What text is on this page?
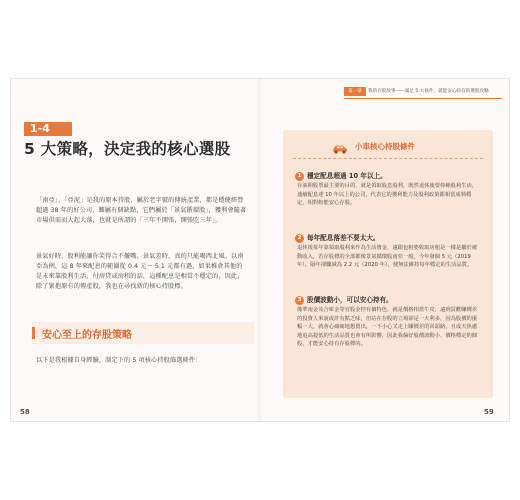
1-4
5 大策略，決定我的核心選股
「南亞」、「亞泥」是我的原本持股，屬於老字號的傳統產業，都是穩健經營超過 38 年的好公司，難屬有個缺點，它們屬於「景氣循環股」，獲利會隨著市場供需而大起大落，也就是所謂的「三年不開張，開張吃三年」。
景氣好時，股利能讓你笑得合不攏嘴，景氣差時，真的只能喝西北風。以南亞為例，這 8 年來配息的範圍從 0.4 元～ 5.1 元都有過，如果椎倉其他的是未來靠股利生活，付房貸或房租的話，這種配息是相當不穩定的，因此，除了緊抱原有的傳產股，我也在尋找新的核心持股標。
安心至上的存股策略
以下是我根據自身經驗，制定下的 5 項核心持股篩選條件：
58
第一章	我的存股故事——滿足 5 大條件，就能安心持有的選股攻略
小車核心持股條件
1 穩定配息超過 10 年以上。
存油期股票最主要的目的，就是領取股息股利，既然退休後要仰賴股利生活，連續配息達 10 年以上的公司，代表它的獲利能力及股利政策都相當成熟穩定，相對較能安心存股。
2 每年配息落差不要太大。
退休後每年靠領取股利來作為生活資金，遠跟包租婆收取房租是一樣是屬於被動收入，若存股標的全部都像景氣循環股南亞一般，今年發個 5 元（2019 年），隔年卻驟減為 2.2 元（2020 年），便無法維持每年穩定的生活品質。
3 股價波動小，可以安心持有。
像華南金及合庫金等官股金控有個特色，就是價格相當牛皮，遠到買歡賺價差的投資人來說或許有點乏味，但站在存股的立場卻是一大利多，因為股價的漲幅一大，就會心痛痛地想賣出，一不小心又走上賺價差的回頭路，且成天焦慮地追高殺低的生活品質也會有所影響，因此我偏好股價波動小、價格穩定的個股，才能安心持有存股標的。
59
